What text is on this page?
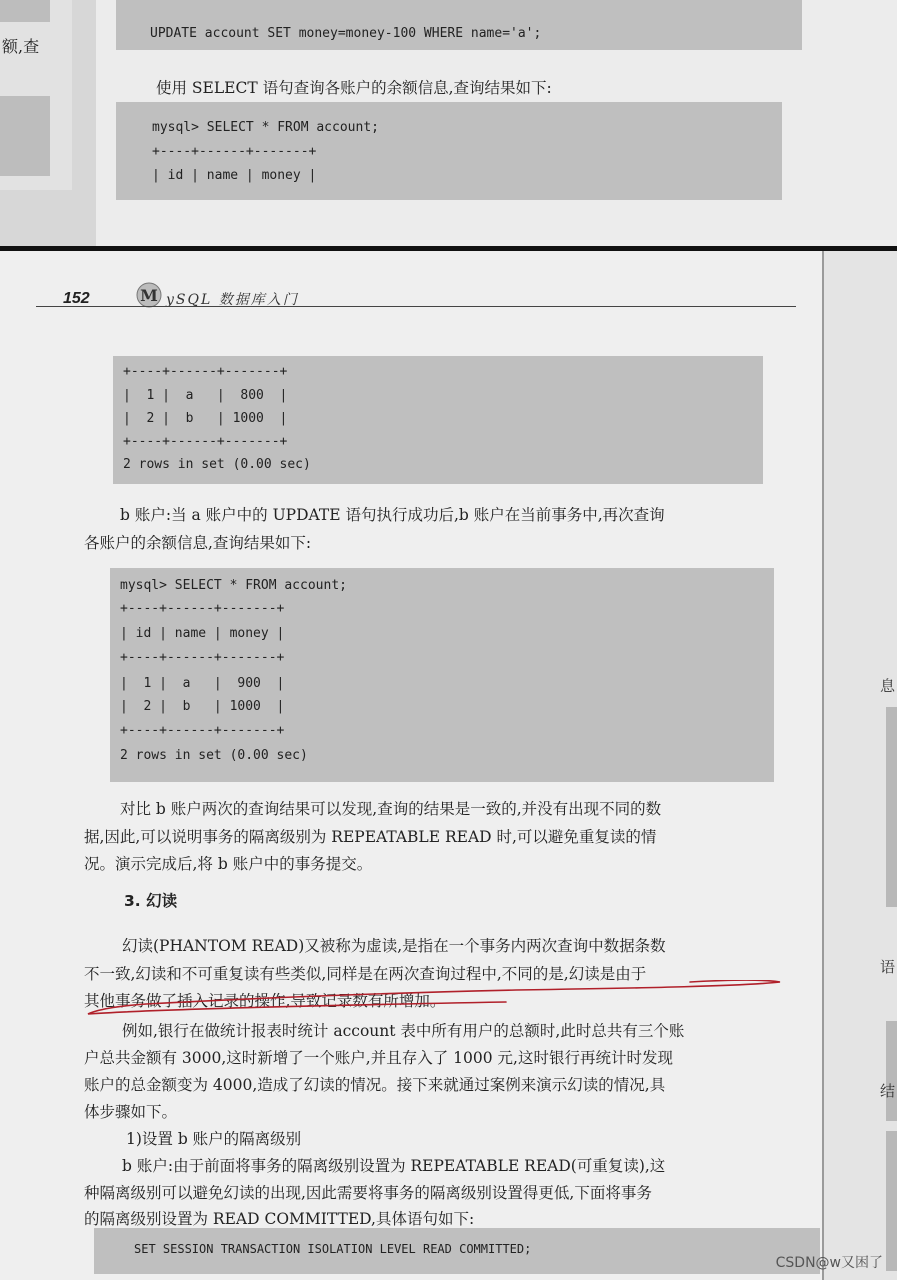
额,查
UPDATE account SET money=money-100 WHERE name='a';
使用 SELECT 语句查询各账户的余额信息,查询结果如下:
mysql> SELECT * FROM account;
+----+------+-------+
| id | name | money |
息
语
结
152	M ySQL 数据库入门
+----+------+-------+
|  1 |  a   |  800  |
|  2 |  b   | 1000  |
+----+------+-------+
2 rows in set (0.00 sec)
b 账户:当 a 账户中的 UPDATE 语句执行成功后,b 账户在当前事务中,再次查询
各账户的余额信息,查询结果如下:
mysql> SELECT * FROM account;
+----+------+-------+
| id | name | money |
+----+------+-------+
|  1 |  a   |  900  |
|  2 |  b   | 1000  |
+----+------+-------+
2 rows in set (0.00 sec)
对比 b 账户两次的查询结果可以发现,查询的结果是一致的,并没有出现不同的数
据,因此,可以说明事务的隔离级别为 REPEATABLE READ 时,可以避免重复读的情
况。演示完成后,将 b 账户中的事务提交。
3. 幻读
幻读(PHANTOM READ)又被称为虚读,是指在一个事务内两次查询中数据条数
不一致,幻读和不可重复读有些类似,同样是在两次查询过程中,不同的是,幻读是由于
其他事务做了插入记录的操作,导致记录数有所增加。
例如,银行在做统计报表时统计 account 表中所有用户的总额时,此时总共有三个账
户总共金额有 3000,这时新增了一个账户,并且存入了 1000 元,这时银行再统计时发现
账户的总金额变为 4000,造成了幻读的情况。接下来就通过案例来演示幻读的情况,具
体步骤如下。
1)设置 b 账户的隔离级别
b 账户:由于前面将事务的隔离级别设置为 REPEATABLE READ(可重复读),这
种隔离级别可以避免幻读的出现,因此需要将事务的隔离级别设置得更低,下面将事务
的隔离级别设置为 READ COMMITTED,具体语句如下:
SET SESSION TRANSACTION ISOLATION LEVEL READ COMMITTED;
CSDN@w又困了
